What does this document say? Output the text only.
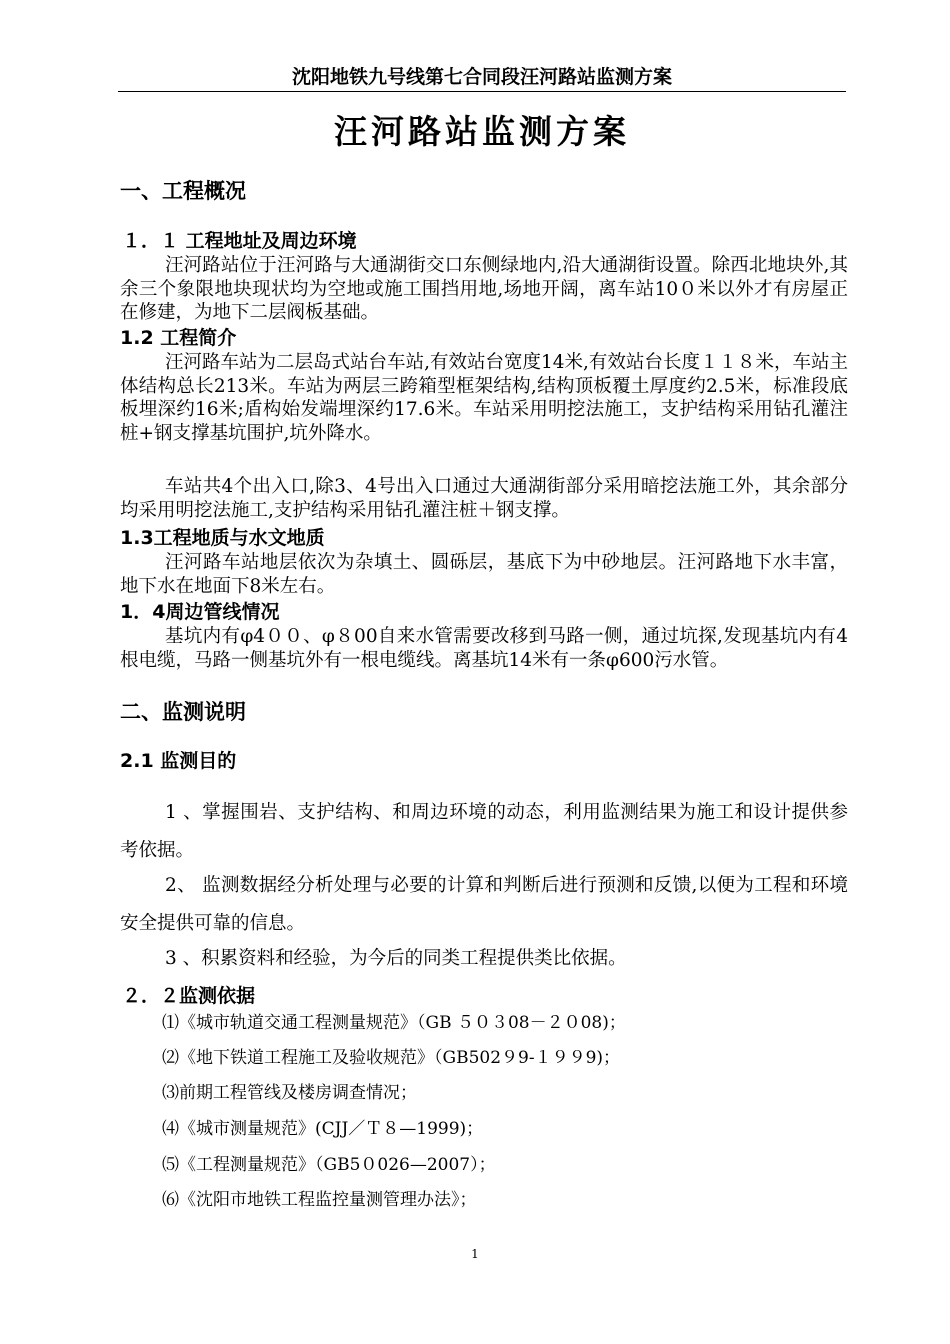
沈阳地铁九号线第七合同段汪河路站监测方案
汪河路站监测方案
一、工程概况
１．１ 工程地址及周边环境

汪河路站位于汪河路与大通湖街交口东侧绿地内,沿大通湖街设置。除西北地块外,其余三个象限地块现状均为空地或施工围挡用地,场地开阔，离车站10０米以外才有房屋正在修建，为地下二层阀板基础。

1.2 工程简介

汪河路车站为二层岛式站台车站,有效站台宽度14米,有效站台长度１１８米，车站主体结构总长213米。车站为两层三跨箱型框架结构,结构顶板覆土厚度约2.5米，标准段底板埋深约16米;盾构始发端埋深约17.6米。车站采用明挖法施工，支护结构采用钻孔灌注桩+钢支撑基坑围护,坑外降水。

车站共4个出入口,除3、4号出入口通过大通湖街部分采用暗挖法施工外，其余部分均采用明挖法施工,支护结构采用钻孔灌注桩＋钢支撑。

1.3工程地质与水文地质

汪河路车站地层依次为杂填土、圆砾层，基底下为中砂地层。汪河路地下水丰富，地下水在地面下8米左右。

1．4周边管线情况

基坑内有φ4００、φ８00自来水管需要改移到马路一侧，通过坑探,发现基坑内有4根电缆，马路一侧基坑外有一根电缆线。离基坑14米有一条φ600污水管。

二、监测说明
2.1 监测目的

1 、掌握围岩、支护结构、和周边环境的动态，利用监测结果为施工和设计提供参考依据。

2、 监测数据经分析处理与必要的计算和判断后进行预测和反馈,以便为工程和环境安全提供可靠的信息。

3 、积累资料和经验，为今后的同类工程提供类比依据。

２．２监测依据
⑴《城市轨道交通工程测量规范》（GB ５０３08－２０08)；
⑵《地下铁道工程施工及验收规范》（GB502９9-１９９9)；
⑶前期工程管线及楼房调查情况；
⑷《城市测量规范》(CJJ／Ｔ８—1999)；
⑸《工程测量规范》（GB5０026—2007）；
⑹《沈阳市地铁工程监控量测管理办法》；
1
